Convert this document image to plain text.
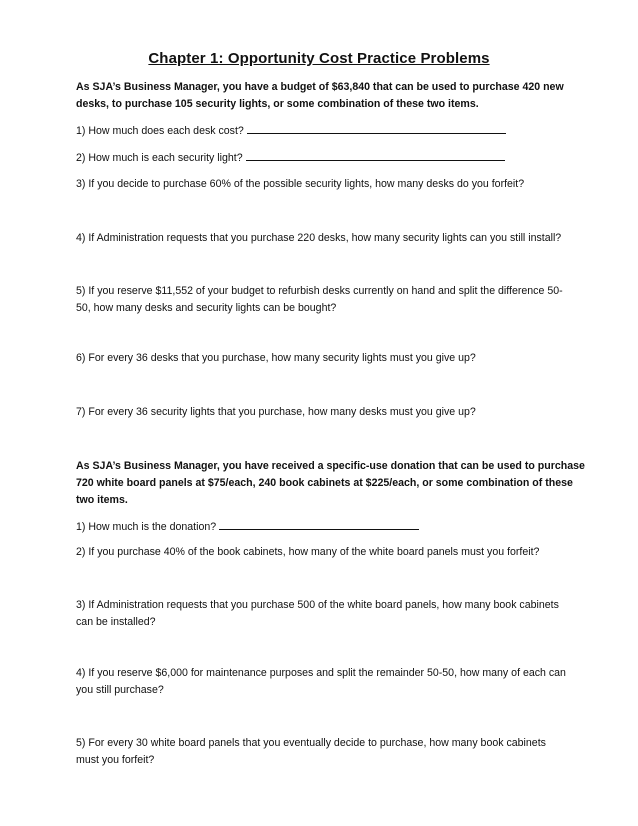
Chapter 1: Opportunity Cost Practice Problems
As SJA’s Business Manager, you have a budget of $63,840 that can be used to purchase 420 new
desks, to purchase 105 security lights, or some combination of these two items.
1) How much does each desk cost?
2) How much is each security light?
3) If you decide to purchase 60% of the possible security lights, how many desks do you forfeit?
4) If Administration requests that you purchase 220 desks, how many security lights can you still install?
5) If you reserve $11,552 of your budget to refurbish desks currently on hand and split the difference 50-
50, how many desks and security lights can be bought?
6) For every 36 desks that you purchase, how many security lights must you give up?
7) For every 36 security lights that you purchase, how many desks must you give up?
As SJA’s Business Manager, you have received a specific-use donation that can be used to purchase
720 white board panels at $75/each, 240 book cabinets at $225/each, or some combination of these
two items.
1) How much is the donation?
2) If you purchase 40% of the book cabinets, how many of the white board panels must you forfeit?
3) If Administration requests that you purchase 500 of the white board panels, how many book cabinets
can be installed?
4) If you reserve $6,000 for maintenance purposes and split the remainder 50-50, how many of each can
you still purchase?
5) For every 30 white board panels that you eventually decide to purchase, how many book cabinets
must you forfeit?
